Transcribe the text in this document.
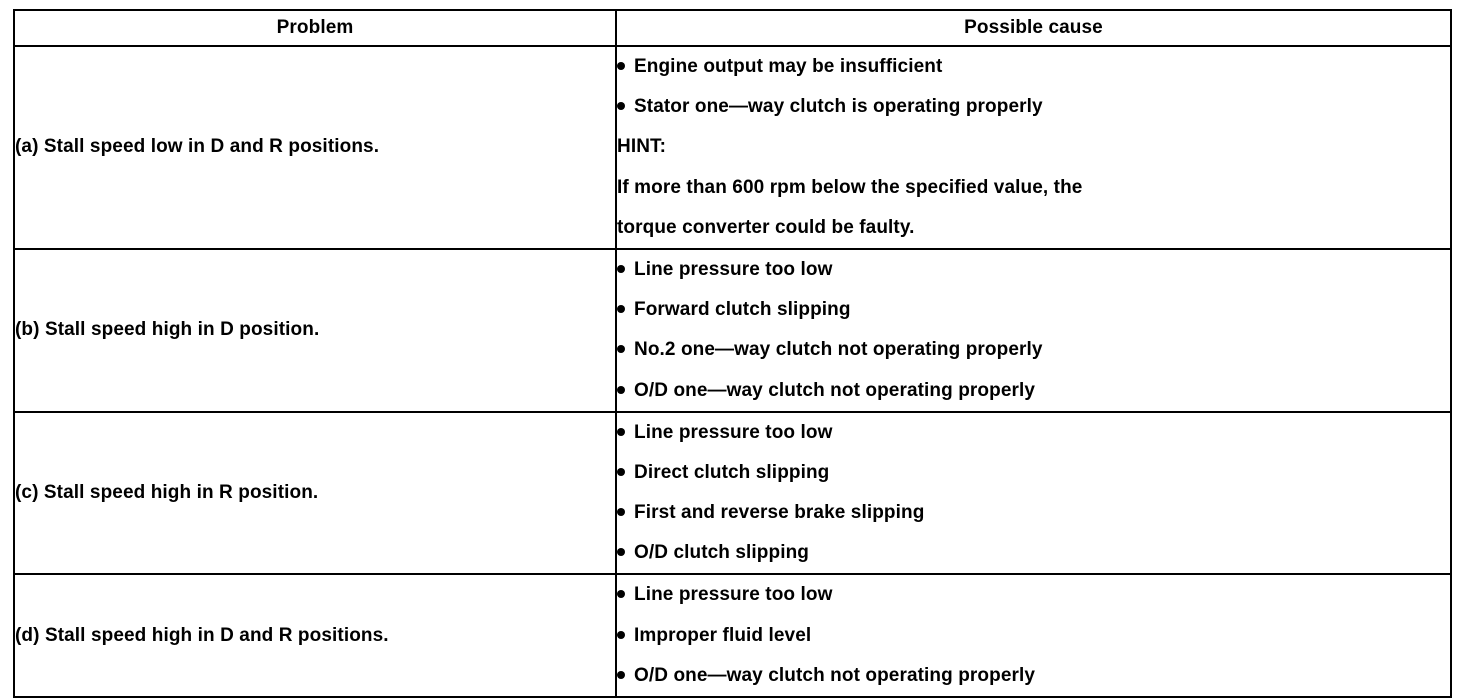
Problem	Possible cause
(a) Stall speed low in D and R positions.	Engine output may be insufficient
Stator one—way clutch is operating properly
HINT:
If more than 600 rpm below the specified value, the
torque converter could be faulty.

(b) Stall speed high in D position.	Line pressure too low
Forward clutch slipping
No.2 one—way clutch not operating properly
O/D one—way clutch not operating properly

(c) Stall speed high in R position.	Line pressure too low
Direct clutch slipping
First and reverse brake slipping
O/D clutch slipping

(d) Stall speed high in D and R positions.	Line pressure too low
Improper fluid level
O/D one—way clutch not operating properly
